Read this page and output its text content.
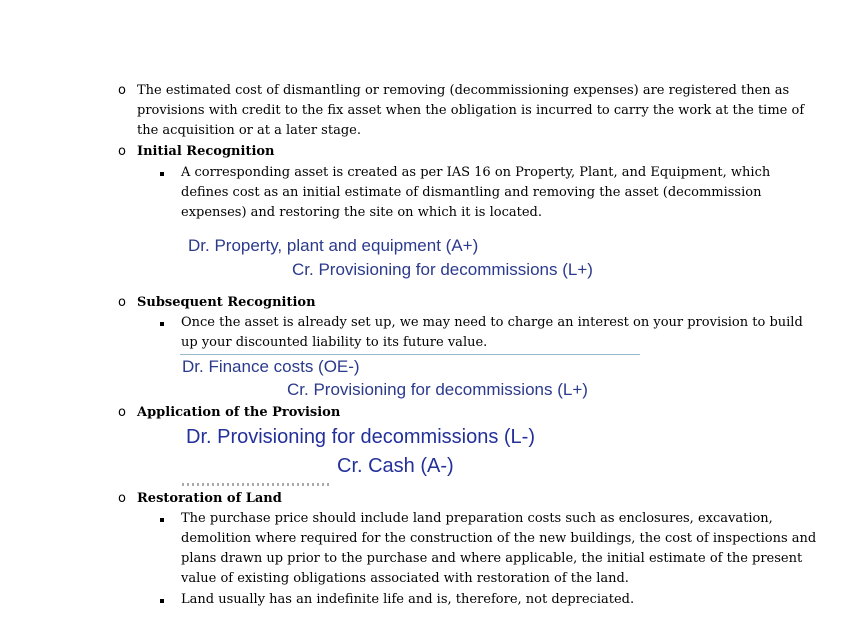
o The estimated cost of dismantling or removing (decommissioning expenses) are registered then as
provisions with credit to the fix asset when the obligation is incurred to carry the work at the time of
the acquisition or at a later stage.
o Initial Recognition
A corresponding asset is created as per IAS 16 on Property, Plant, and Equipment, which
defines cost as an initial estimate of dismantling and removing the asset (decommission
expenses) and restoring the site on which it is located.
Dr. Property, plant and equipment (A+)
Cr. Provisioning for decommissions (L+)
o Subsequent Recognition
Once the asset is already set up, we may need to charge an interest on your provision to build
up your discounted liability to its future value.
Dr. Finance costs (OE-)
Cr. Provisioning for decommissions (L+)
o Application of the Provision
Dr. Provisioning for decommissions (L-)
Cr. Cash (A-)
o Restoration of Land
The purchase price should include land preparation costs such as enclosures, excavation,
demolition where required for the construction of the new buildings, the cost of inspections and
plans drawn up prior to the purchase and where applicable, the initial estimate of the present
value of existing obligations associated with restoration of the land.
Land usually has an indefinite life and is, therefore, not depreciated.
